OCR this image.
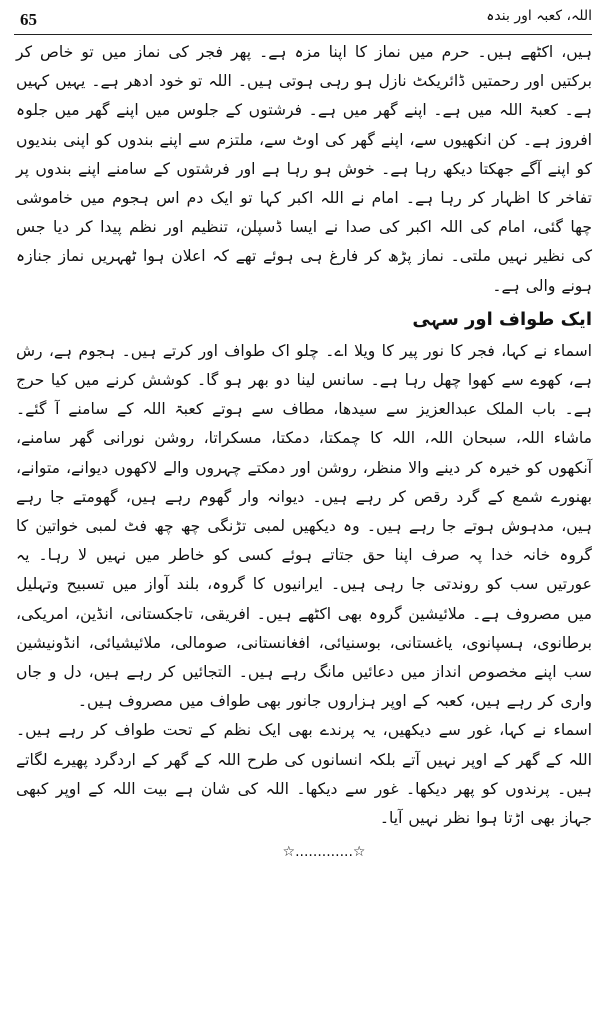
65	اللہ، کعبہ اور بندہ

ہیں، اکٹھے ہیں۔ حرم میں نماز کا اپنا مزہ ہے۔ پھر فجر کی نماز میں تو خاص کر برکتیں اور رحمتیں ڈائریکٹ نازل ہو رہی ہوتی ہیں۔ اللہ تو خود ادھر ہے۔ یہیں کہیں ہے۔ کعبۃ اللہ میں ہے۔ اپنے گھر میں ہے۔ فرشتوں کے جلوس میں اپنے گھر میں جلوہ افروز ہے۔ کن انکھیوں سے، اپنے گھر کی اوٹ سے، ملتزم سے اپنے بندوں کو اپنی بندیوں کو اپنے آگے جھکتا دیکھ رہا ہے۔ خوش ہو رہا ہے اور فرشتوں کے سامنے اپنے بندوں پر تفاخر کا اظہار کر رہا ہے۔ امام نے اللہ اکبر کہا تو ایک دم اس ہجوم میں خاموشی چھا گئی، امام کی اللہ اکبر کی صدا نے ایسا ڈسپلن، تنظیم اور نظم پیدا کر دیا جس کی نظیر نہیں ملتی۔ نماز پڑھ کر فارغ ہی ہوئے تھے کہ اعلان ہوا ٹھہریں نماز جنازہ ہونے والی ہے۔

ایک طواف اور سہی

اسماء نے کہا، فجر کا نور پیر کا ویلا اے۔ چلو اک طواف اور کرتے ہیں۔ ہجوم ہے، رش ہے، کھوے سے کھوا چھل رہا ہے۔ سانس لینا دو بھر ہو گا۔ کوشش کرنے میں کیا حرج ہے۔ باب الملک عبدالعزیز سے سیدھا، مطاف سے ہوتے کعبۃ اللہ کے سامنے آ گئے۔ ماشاء اللہ، سبحان اللہ، اللہ کا چمکتا، دمکتا، مسکراتا، روشن نورانی گھر سامنے، آنکھوں کو خیرہ کر دینے والا منظر، روشن اور دمکتے چہروں والے لاکھوں دیوانے، متوانے، بھنورے شمع کے گرد رقص کر رہے ہیں۔ دیوانہ وار گھوم رہے ہیں، گھومتے جا رہے ہیں، مدہوش ہوتے جا رہے ہیں۔ وہ دیکھیں لمبی تڑنگی چھ چھ فٹ لمبی خواتین کا گروہ خانہ خدا پہ صرف اپنا حق جتاتے ہوئے کسی کو خاطر میں نہیں لا رہا۔ یہ عورتیں سب کو روندتی جا رہی ہیں۔ ایرانیوں کا گروہ، بلند آواز میں تسبیح وتہلیل میں مصروف ہے۔ ملائیشین گروہ بھی اکٹھے ہیں۔ افریقی، تاجکستانی، انڈین، امریکی، برطانوی، ہسپانوی، یاغستانی، بوسنیائی، افغانستانی، صومالی، ملائیشیائی، انڈونیشین سب اپنے مخصوص انداز میں دعائیں مانگ رہے ہیں۔ التجائیں کر رہے ہیں، دل و جاں واری کر رہے ہیں، کعبہ کے اوپر ہزاروں جانور بھی طواف میں مصروف ہیں۔

اسماء نے کہا، غور سے دیکھیں، یہ پرندے بھی ایک نظم کے تحت طواف کر رہے ہیں۔ اللہ کے گھر کے اوپر نہیں آتے بلکہ انسانوں کی طرح اللہ کے گھر کے اردگرد پھیرے لگاتے ہیں۔ پرندوں کو پھر دیکھا۔ غور سے دیکھا۔ اللہ کی شان ہے بیت اللہ کے اوپر کبھی جہاز بھی اڑتا ہوا نظر نہیں آیا۔

☆.............☆
